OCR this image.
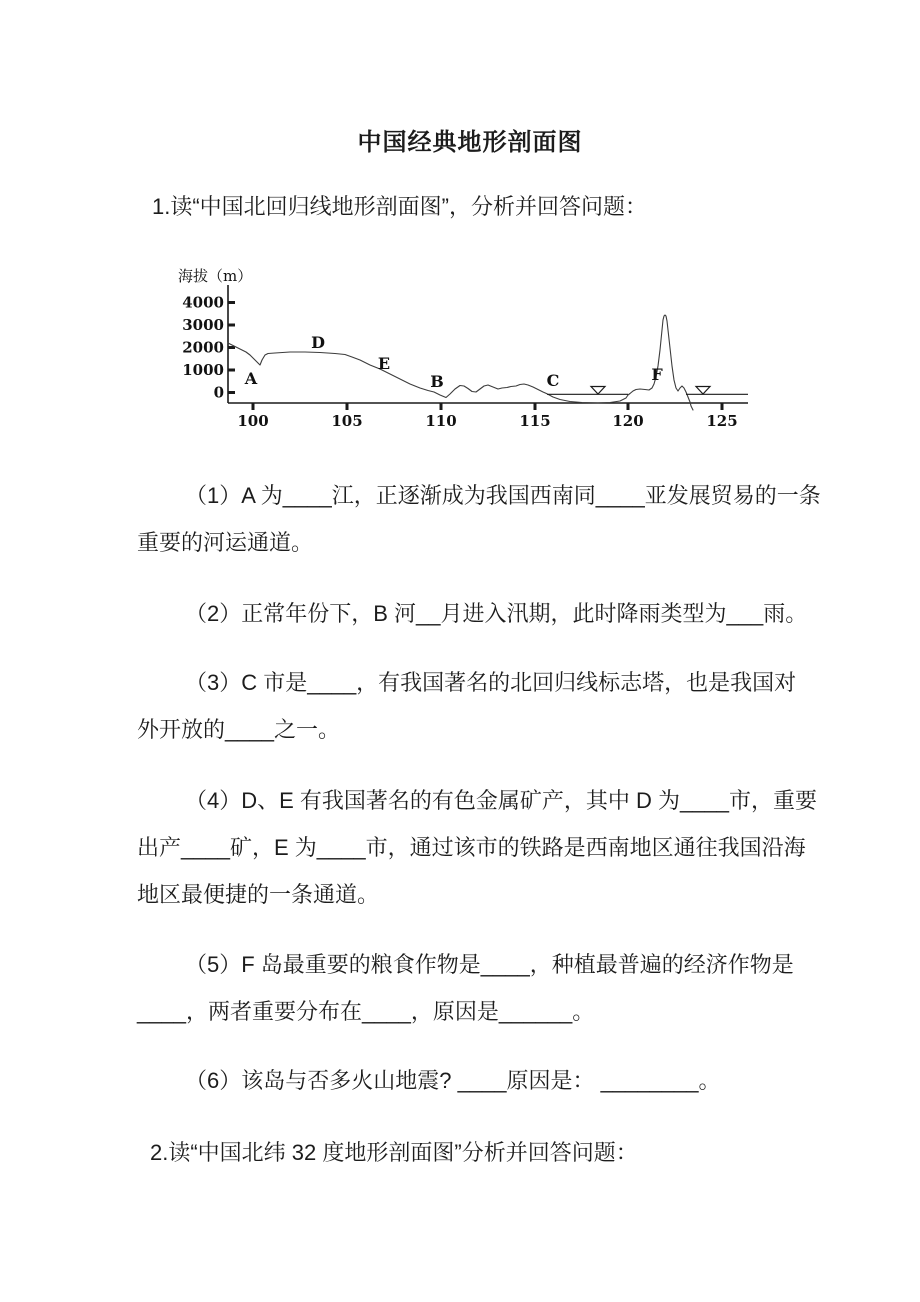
中国经典地形剖面图
1.读“中国北回归线地形剖面图”，分析并回答问题：
海拔（m）
4000
3000
2000
1000
0
100	105	110	115	120	125
A
D
E
B	C	F
（1）A 为____江，正逐渐成为我国西南同____亚发展贸易的一条
重要的河运通道。
（2）正常年份下，B 河__月进入汛期，此时降雨类型为___雨。
（3）C 市是____，有我国著名的北回归线标志塔，也是我国对
外开放的____之一。
（4）D、E 有我国著名的有色金属矿产，其中 D 为____市，重要
出产____矿，E 为____市，通过该市的铁路是西南地区通往我国沿海
地区最便捷的一条通道。
（5）F 岛最重要的粮食作物是____，种植最普遍的经济作物是
____，两者重要分布在____，原因是______。
（6）该岛与否多火山地震? ____原因是： ________。
2.读“中国北纬 32 度地形剖面图”分析并回答问题：
